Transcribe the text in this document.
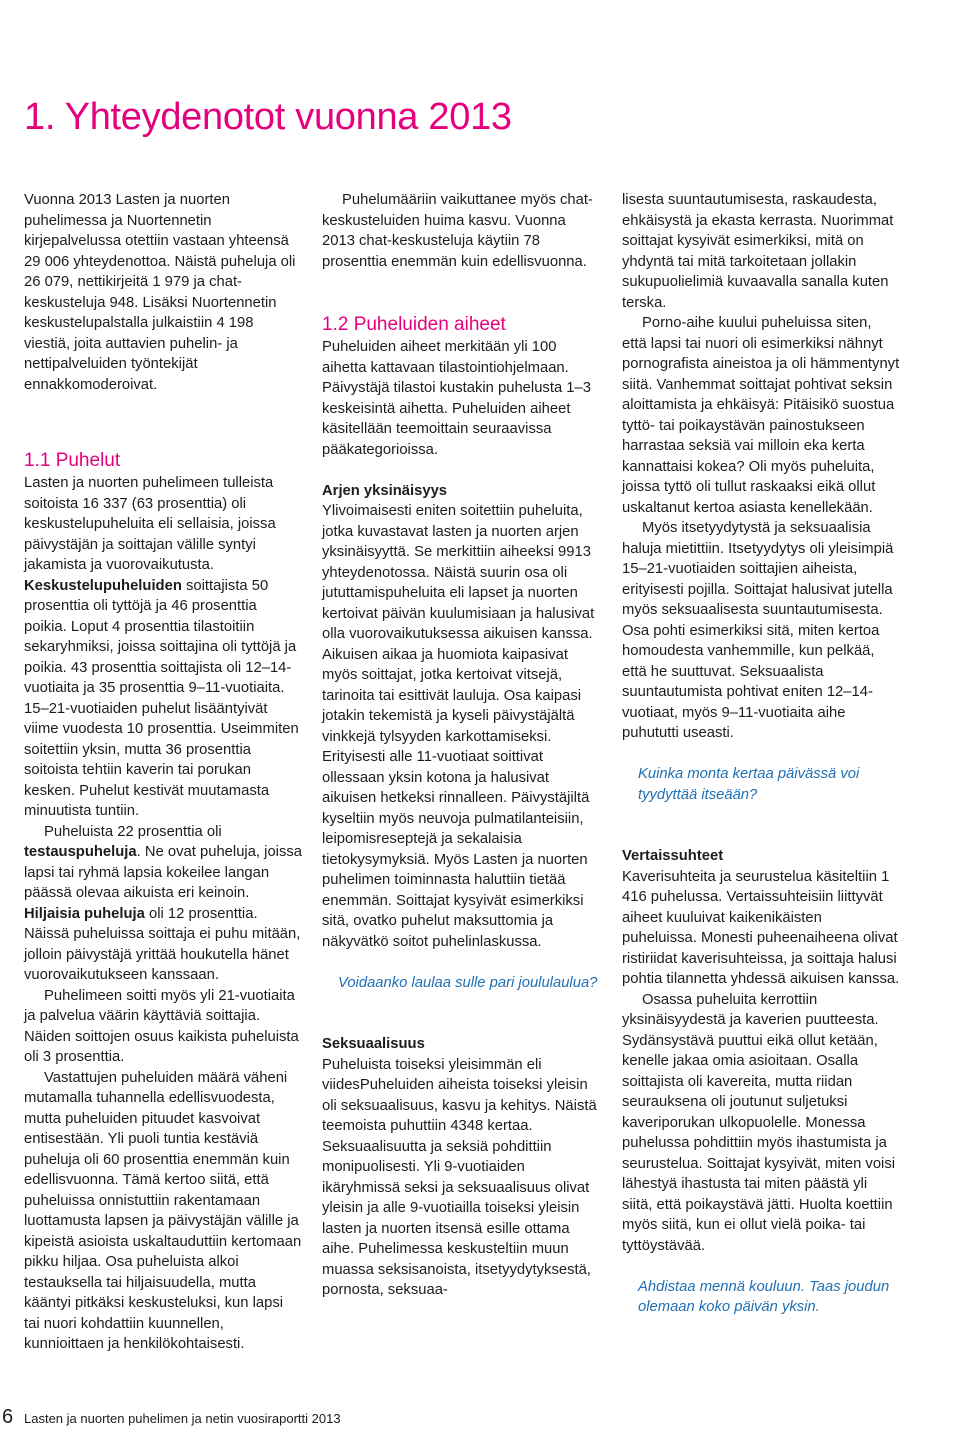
1. Yhteydenotot vuonna 2013

Vuonna 2013 Lasten ja nuorten puhelimessa ja Nuortennetin kirjepalvelussa otettiin vastaan yhteensä 29 006 yhteydenottoa. Näistä puheluja oli 26 079, nettikirjeitä 1 979 ja chat-keskusteluja 948. Lisäksi Nuortennetin keskustelupalstalla julkaistiin 4 198 viestiä, joita auttavien puhelin- ja nettipalveluiden työntekijät ennakkomoderoivat.

1.1 Puhelut

Lasten ja nuorten puhelimeen tulleista soitoista 16 337 (63 prosenttia) oli keskustelupuheluita eli sellaisia, joissa päivystäjän ja soittajan välille syntyi jakamista ja vuorovaikutusta. Keskustelupuheluiden soittajista 50 prosenttia oli tyttöjä ja 46 prosenttia poikia. Loput 4 prosenttia tilastoitiin sekaryhmiksi, joissa soittajina oli tyttöjä ja poikia. 43 prosenttia soittajista oli 12–14-vuotiaita ja 35 prosenttia 9–11-vuotiaita. 15–21-vuotiaiden puhelut lisääntyivät viime vuodesta 10 prosenttia. Useimmiten soitettiin yksin, mutta 36 prosenttia soitoista tehtiin kaverin tai porukan kesken. Puhelut kestivät muutamasta minuutista tuntiin.

Puheluista 22 prosenttia oli testauspuheluja. Ne ovat puheluja, joissa lapsi tai ryhmä lapsia kokeilee langan päässä olevaa aikuista eri keinoin. Hiljaisia puheluja oli 12 prosenttia. Näissä puheluissa soittaja ei puhu mitään, jolloin päivystäjä yrittää houkutella hänet vuorovaikutukseen kanssaan.

Puhelimeen soitti myös yli 21-vuotiaita ja palvelua väärin käyttäviä soittajia. Näiden soittojen osuus kaikista puheluista oli 3 prosenttia.

Vastattujen puheluiden määrä väheni mutamalla tuhannella edellisvuodesta, mutta puheluiden pituudet kasvoivat entisestään. Yli puoli tuntia kestäviä puheluja oli 60 prosenttia enemmän kuin edellisvuonna. Tämä kertoo siitä, että puheluissa onnistuttiin rakentamaan luottamusta lapsen ja päivystäjän välille ja kipeistä asioista uskaltauduttiin kertomaan pikku hiljaa. Osa puheluista alkoi testauksella tai hiljaisuudella, mutta kääntyi pitkäksi keskusteluksi, kun lapsi tai nuori kohdattiin kuunnellen, kunnioittaen ja henkilökohtaisesti.

Puhelumääriin vaikuttanee myös chat-keskusteluiden huima kasvu. Vuonna 2013 chat-keskusteluja käytiin 78 prosenttia enemmän kuin edellisvuonna.

1.2 Puheluiden aiheet

Puheluiden aiheet merkitään yli 100 aihetta kattavaan tilastointiohjelmaan. Päivystäjä tilastoi kustakin puhelusta 1–3 keskeisintä aihetta. Puheluiden aiheet käsitellään teemoittain seuraavissa pääkategorioissa.

Arjen yksinäisyys

Ylivoimaisesti eniten soitettiin puheluita, jotka kuvastavat lasten ja nuorten arjen yksinäisyyttä. Se merkittiin aiheeksi 9913 yhteydenotossa. Näistä suurin osa oli jututtamispuheluita eli lapset ja nuorten kertoivat päivän kuulumisiaan ja halusivat olla vuorovaikutuksessa aikuisen kanssa. Aikuisen aikaa ja huomiota kaipasivat myös soittajat, jotka kertoivat vitsejä, tarinoita tai esittivät lauluja. Osa kaipasi jotakin tekemistä ja kyseli päivystäjältä vinkkejä tylsyyden karkottamiseksi. Erityisesti alle 11-vuotiaat soittivat ollessaan yksin kotona ja halusivat aikuisen hetkeksi rinnalleen. Päivystäjiltä kyseltiin myös neuvoja pulmatilanteisiin, leipomisreseptejä ja sekalaisia tietokysymyksiä. Myös Lasten ja nuorten puhelimen toiminnasta haluttiin tietää enemmän. Soittajat kysyivät esimerkiksi sitä, ovatko puhelut maksuttomia ja näkyvätkö soitot puhelinlaskussa.

Voidaanko laulaa sulle pari joululaulua?

Seksuaalisuus

Puheluista toiseksi yleisimmän eli viidesPuheluiden aiheista toiseksi yleisin oli seksuaalisuus, kasvu ja kehitys. Näistä teemoista puhuttiin 4348 kertaa. Seksuaalisuutta ja seksiä pohdittiin monipuolisesti. Yli 9-vuotiaiden ikäryhmissä seksi ja seksuaalisuus olivat yleisin ja alle 9-vuotiailla toiseksi yleisin lasten ja nuorten itsensä esille ottama aihe. Puhelimessa keskusteltiin muun muassa seksisanoista, itsetyydytyksestä, pornosta, seksuaa-

lisesta suuntautumisesta, raskaudesta, ehkäisystä ja ekasta kerrasta. Nuorimmat soittajat kysyivät esimerkiksi, mitä on yhdyntä tai mitä tarkoitetaan jollakin sukupuolielimiä kuvaavalla sanalla kuten terska.

Porno-aihe kuului puheluissa siten, että lapsi tai nuori oli esimerkiksi nähnyt pornografista aineistoa ja oli hämmentynyt siitä. Vanhemmat soittajat pohtivat seksin aloittamista ja ehkäisyä: Pitäisikö suostua tyttö- tai poikaystävän painostukseen harrastaa seksiä vai milloin eka kerta kannattaisi kokea? Oli myös puheluita, joissa tyttö oli tullut raskaaksi eikä ollut uskaltanut kertoa asiasta kenellekään.

Myös itsetyydytystä ja seksuaalisia haluja mietittiin. Itsetyydytys oli yleisimpiä 15–21-vuotiaiden soittajien aiheista, erityisesti pojilla. Soittajat halusivat jutella myös seksuaalisesta suuntautumisesta. Osa pohti esimerkiksi sitä, miten kertoa homoudesta vanhemmille, kun pelkää, että he suuttuvat. Seksuaalista suuntautumista pohtivat eniten 12–14-vuotiaat, myös 9–11-vuotiaita aihe puhututti useasti.

Kuinka monta kertaa päivässä voi tyydyttää itseään?

Vertaissuhteet

Kaverisuhteita ja seurustelua käsiteltiin 1 416 puhelussa. Vertaissuhteisiin liittyvät aiheet kuuluivat kaikenikäisten puheluissa. Monesti puheenaiheena olivat ristiriidat kaverisuhteissa, ja soittaja halusi pohtia tilannetta yhdessä aikuisen kanssa.

Osassa puheluita kerrottiin yksinäisyydestä ja kaverien puutteesta. Sydänsystävä puuttui eikä ollut ketään, kenelle jakaa omia asioitaan. Osalla soittajista oli kavereita, mutta riidan seurauksena oli joutunut suljetuksi kaveriporukan ulkopuolelle. Monessa puhelussa pohdittiin myös ihastumista ja seurustelua. Soittajat kysyivät, miten voisi lähestyä ihastusta tai miten päästä yli siitä, että poikaystävä jätti. Huolta koettiin myös siitä, kun ei ollut vielä poika- tai tyttöystävää.

Ahdistaa mennä kouluun. Taas joudun olemaan koko päivän yksin.

6 Lasten ja nuorten puhelimen ja netin vuosiraportti 2013
